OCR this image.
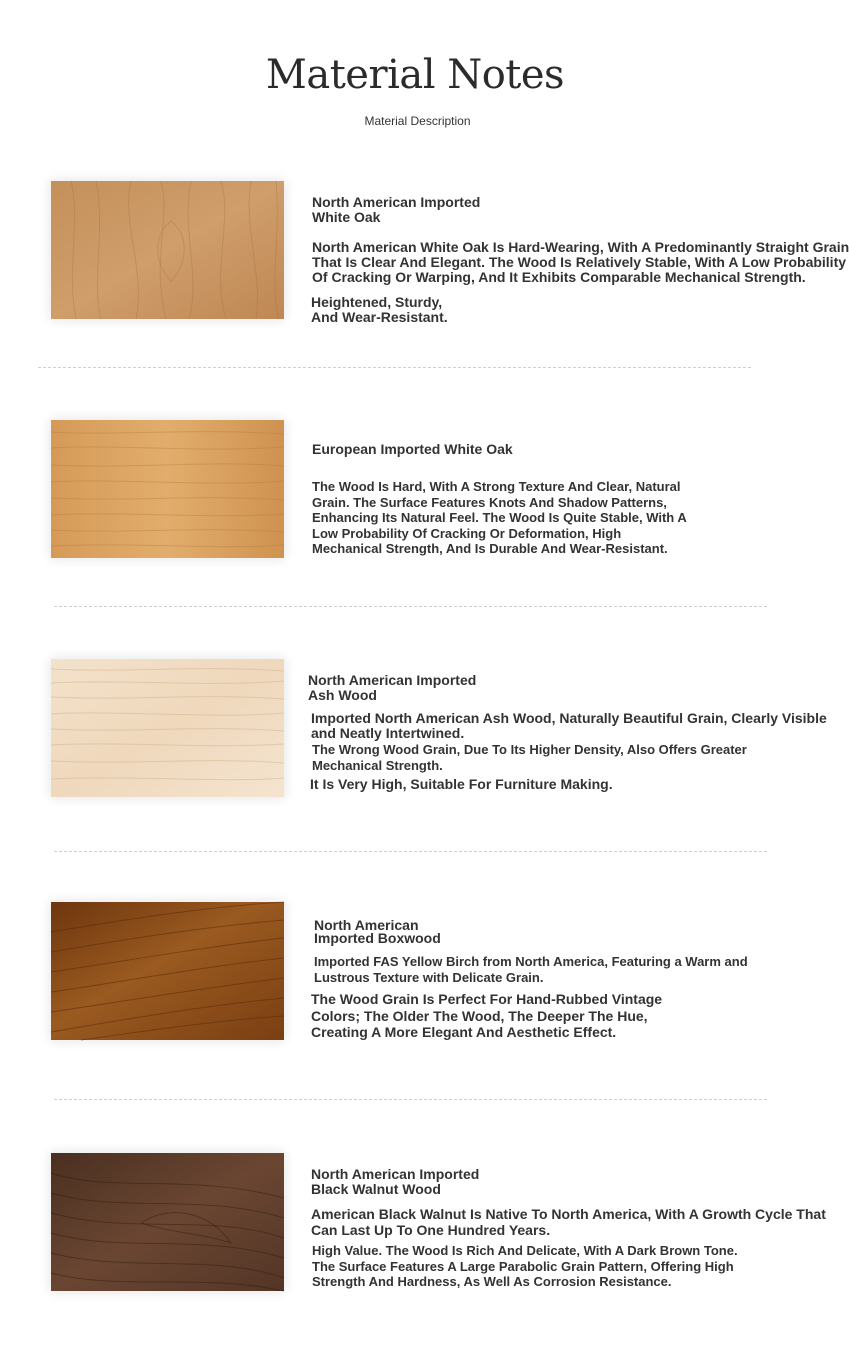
Material Notes
Material Description
North American Imported
White Oak
North American White Oak Is Hard-Wearing, With A Predominantly Straight Grain
That Is Clear And Elegant. The Wood Is Relatively Stable, With A Low Probability
Of Cracking Or Warping, And It Exhibits Comparable Mechanical Strength.
Heightened, Sturdy,
And Wear-Resistant.
European Imported White Oak
The Wood Is Hard, With A Strong Texture And Clear, Natural
Grain. The Surface Features Knots And Shadow Patterns,
Enhancing Its Natural Feel. The Wood Is Quite Stable, With A
Low Probability Of Cracking Or Deformation, High
Mechanical Strength, And Is Durable And Wear-Resistant.
North American Imported
Ash Wood
Imported North American Ash Wood, Naturally Beautiful Grain, Clearly Visible
and Neatly Intertwined.
The Wrong Wood Grain, Due To Its Higher Density, Also Offers Greater
Mechanical Strength.
It Is Very High, Suitable For Furniture Making.
North American
Imported Boxwood
Imported FAS Yellow Birch from North America, Featuring a Warm and
Lustrous Texture with Delicate Grain.
The Wood Grain Is Perfect For Hand-Rubbed Vintage
Colors; The Older The Wood, The Deeper The Hue,
Creating A More Elegant And Aesthetic Effect.
North American Imported
Black Walnut Wood
American Black Walnut Is Native To North America, With A Growth Cycle That
Can Last Up To One Hundred Years.
High Value. The Wood Is Rich And Delicate, With A Dark Brown Tone.
The Surface Features A Large Parabolic Grain Pattern, Offering High
Strength And Hardness, As Well As Corrosion Resistance.
